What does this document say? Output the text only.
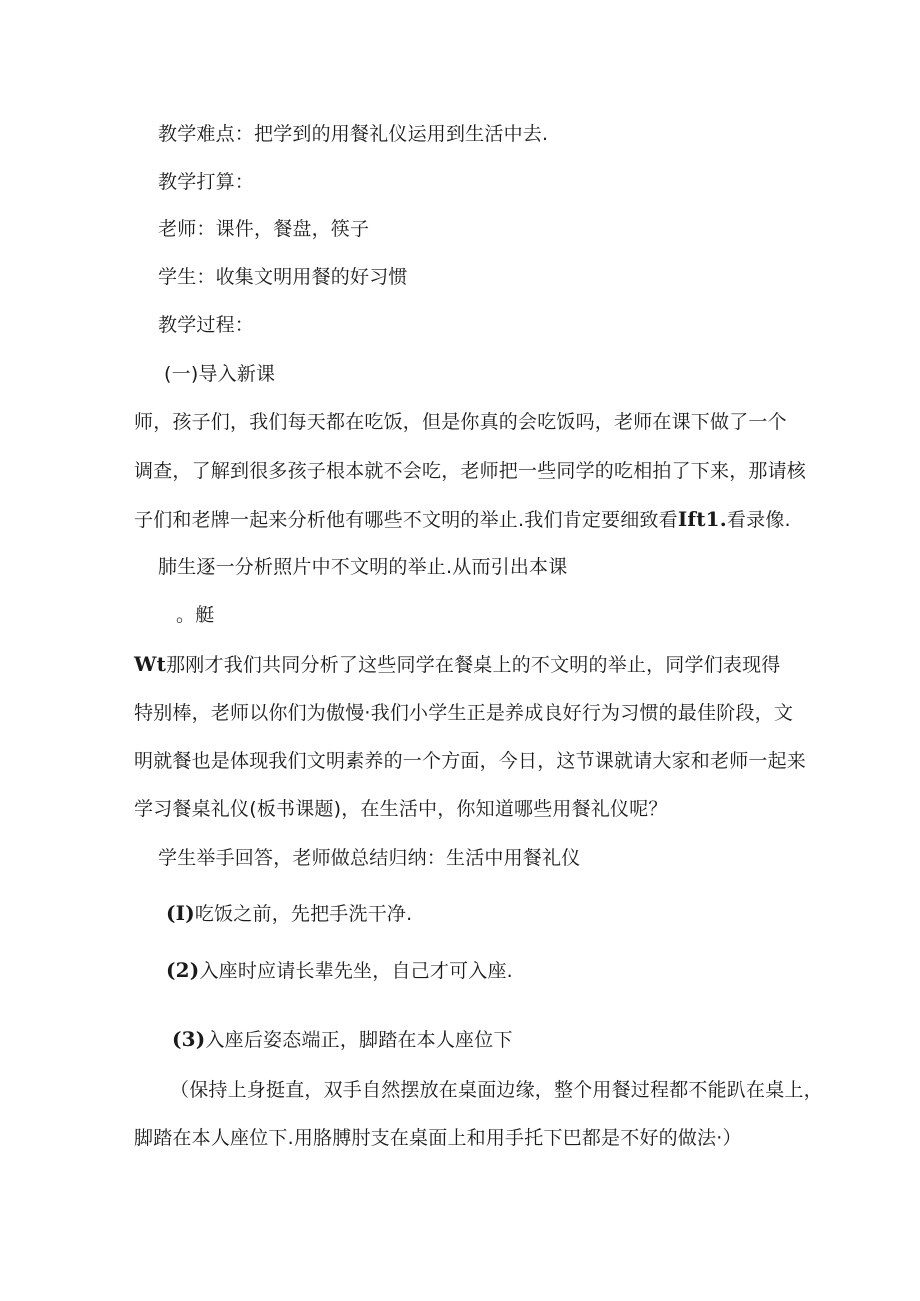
教学难点：把学到的用餐礼仪运用到生活中去.
教学打算：
老师：课件，餐盘，筷子
学生：收集文明用餐的好习惯
教学过程：
(一)导入新课
师，孩子们，我们每天都在吃饭，但是你真的会吃饭吗，老师在课下做了一个
调查，了解到很多孩子根本就不会吃，老师把一些同学的吃相拍了下来，那请核
子们和老牌一起来分析他有哪些不文明的举止.我们肯定要细致看Ift1.看录像.
肺生逐一分析照片中不文明的举止.从而引出本课
。艇
Wt那刚才我们共同分析了这些同学在餐桌上的不文明的举止，同学们表现得
特别棒，老师以你们为傲慢·我们小学生正是养成良好行为习惯的最佳阶段，文
明就餐也是体现我们文明素养的一个方面，今日，这节课就请大家和老师一起来
学习餐桌礼仪(板书课题)，在生活中，你知道哪些用餐礼仪呢？
学生举手回答，老师做总结归纳：生活中用餐礼仪
(I)吃饭之前，先把手洗干净.
(2)入座时应请长辈先坐，自己才可入座.
(3)入座后姿态端正，脚踏在本人座位下
（保持上身挺直，双手自然摆放在桌面边缘，整个用餐过程都不能趴在桌上，
脚踏在本人座位下.用胳膊肘支在桌面上和用手托下巴都是不好的做法·）
